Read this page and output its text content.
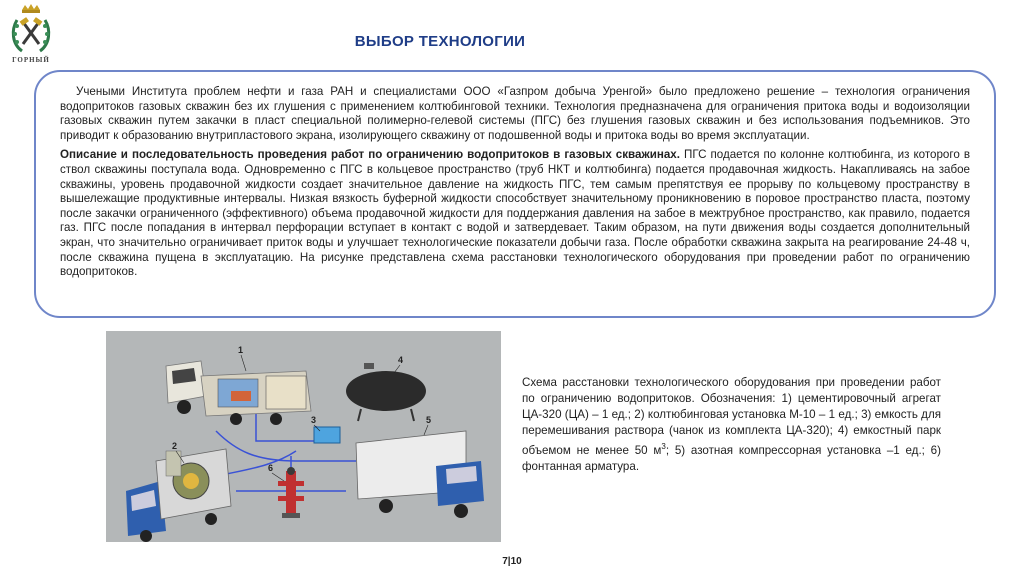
ГОРНЫЙ
ВЫБОР ТЕХНОЛОГИИ

Учеными Института проблем нефти и газа РАН и специалистами ООО «Газпром добыча Уренгой» было предложено решение – технология ограничения водопритоков газовых скважин без их глушения с применением колтюбинговой техники. Технология предназначена для ограничения притока воды и водоизоляции газовых скважин путем закачки в пласт специальной полимерно-гелевой системы (ПГС) без глушения газовых скважин и без использования подъемников. Это приводит к образованию внутрипластового экрана, изолирующего скважину от подошвенной воды и притока воды во время эксплуатации.

Описание и последовательность проведения работ по ограничению водопритоков в газовых скважинах. ПГС подается по колонне колтюбинга, из которого в ствол скважины поступала вода. Одновременно с ПГС в кольцевое пространство (труб НКТ и колтюбинга) подается продавочная жидкость. Накапливаясь на забое скважины, уровень продавочной жидкости создает значительное давление на жидкость ПГС, тем самым препятствуя ее прорыву по кольцевому пространству в вышележащие продуктивные интервалы. Низкая вязкость буферной жидкости способствует значительному проникновению в поровое пространство пласта, поэтому после закачки ограниченного (эффективного) объема продавочной жидкости для поддержания давления на забое в межтрубное пространство, как правило, подается газ. ПГС после попадания в интервал перфорации вступает в контакт с водой и затвердевает. Таким образом, на пути движения воды создается дополнительный экран, что значительно ограничивает приток воды и улучшает технологические показатели добычи газа. После обработки скважина закрыта на реагирование 24-48 ч, после скважина пущена в эксплуатацию. На рисунке представлена схема расстановки технологического оборудования при проведении работ по ограничению водопритоков.

1
2
3
4
5
6
Схема расстановки технологического оборудования при проведении работ по ограничению водопритоков. Обозначения: 1) цементировочный агрегат ЦА-320 (ЦА) – 1 ед.; 2) колтюбинговая установка М-10 – 1 ед.; 3) емкость для перемешивания раствора (чанок из комплекта ЦА-320); 4) емкостный парк объемом не менее 50 $м^3$; 5) азотная компрессорная установка –1 ед.; 6) фонтанная арматура.
7|10
